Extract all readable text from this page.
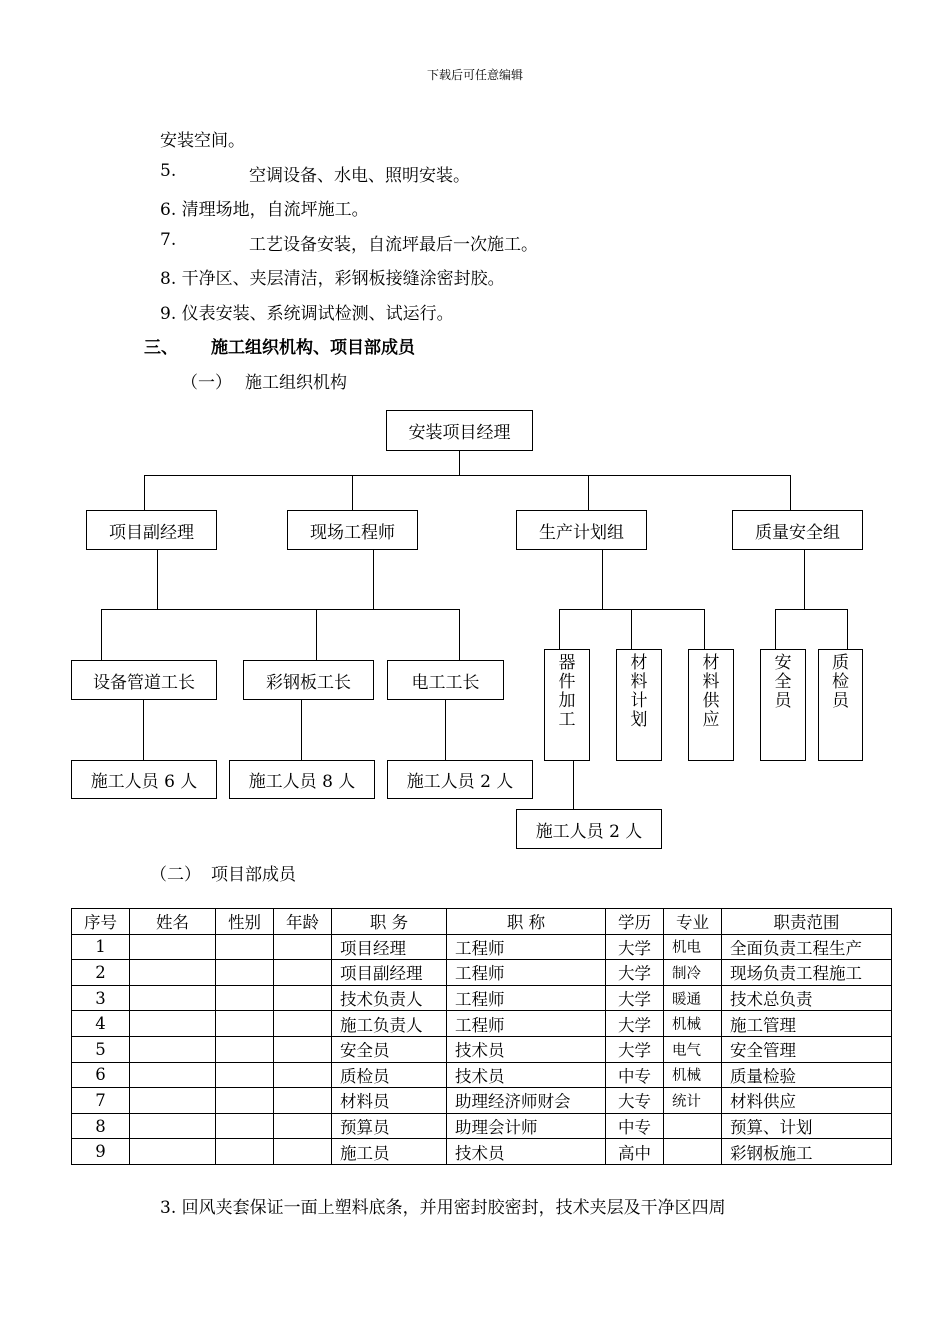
下载后可任意编辑
安装空间。
5.	空调设备、水电、照明安装。
6. 清理场地，自流坪施工。
7.	工艺设备安装，自流坪最后一次施工。
8. 干净区、夹层清洁，彩钢板接缝涂密封胶。
9. 仪表安装、系统调试检测、试运行。
三、 施工组织机构、项目部成员
（一） 施工组织机构
安装项目经理
项目副经理	现场工程师	生产计划组	质量安全组
设备管道工长	彩钢板工长	电工工长
施工人员 6 人	施工人员 8 人	施工人员 2 人
器
件
加
工
材
料
计
划
材
料
供
应
安
全
员
质
检
员
施工人员 2 人
（二） 项目部成员
序号	姓名	性别	年龄	职 务	职 称	学历	专业	职责范围
1				项目经理	工程师	大学	机电	全面负责工程生产
2				项目副经理	工程师	大学	制冷	现场负责工程施工
3				技术负责人	工程师	大学	暖通	技术总负责
4				施工负责人	工程师	大学	机械	施工管理
5				安全员	技术员	大学	电气	安全管理
6				质检员	技术员	中专	机械	质量检验
7				材料员	助理经济师财会	大专	统计	材料供应
8				预算员	助理会计师	中专		预算、计划
9				施工员	技术员	高中		彩钢板施工
3. 回风夹套保证一面上塑料底条，并用密封胶密封，技术夹层及干净区四周
